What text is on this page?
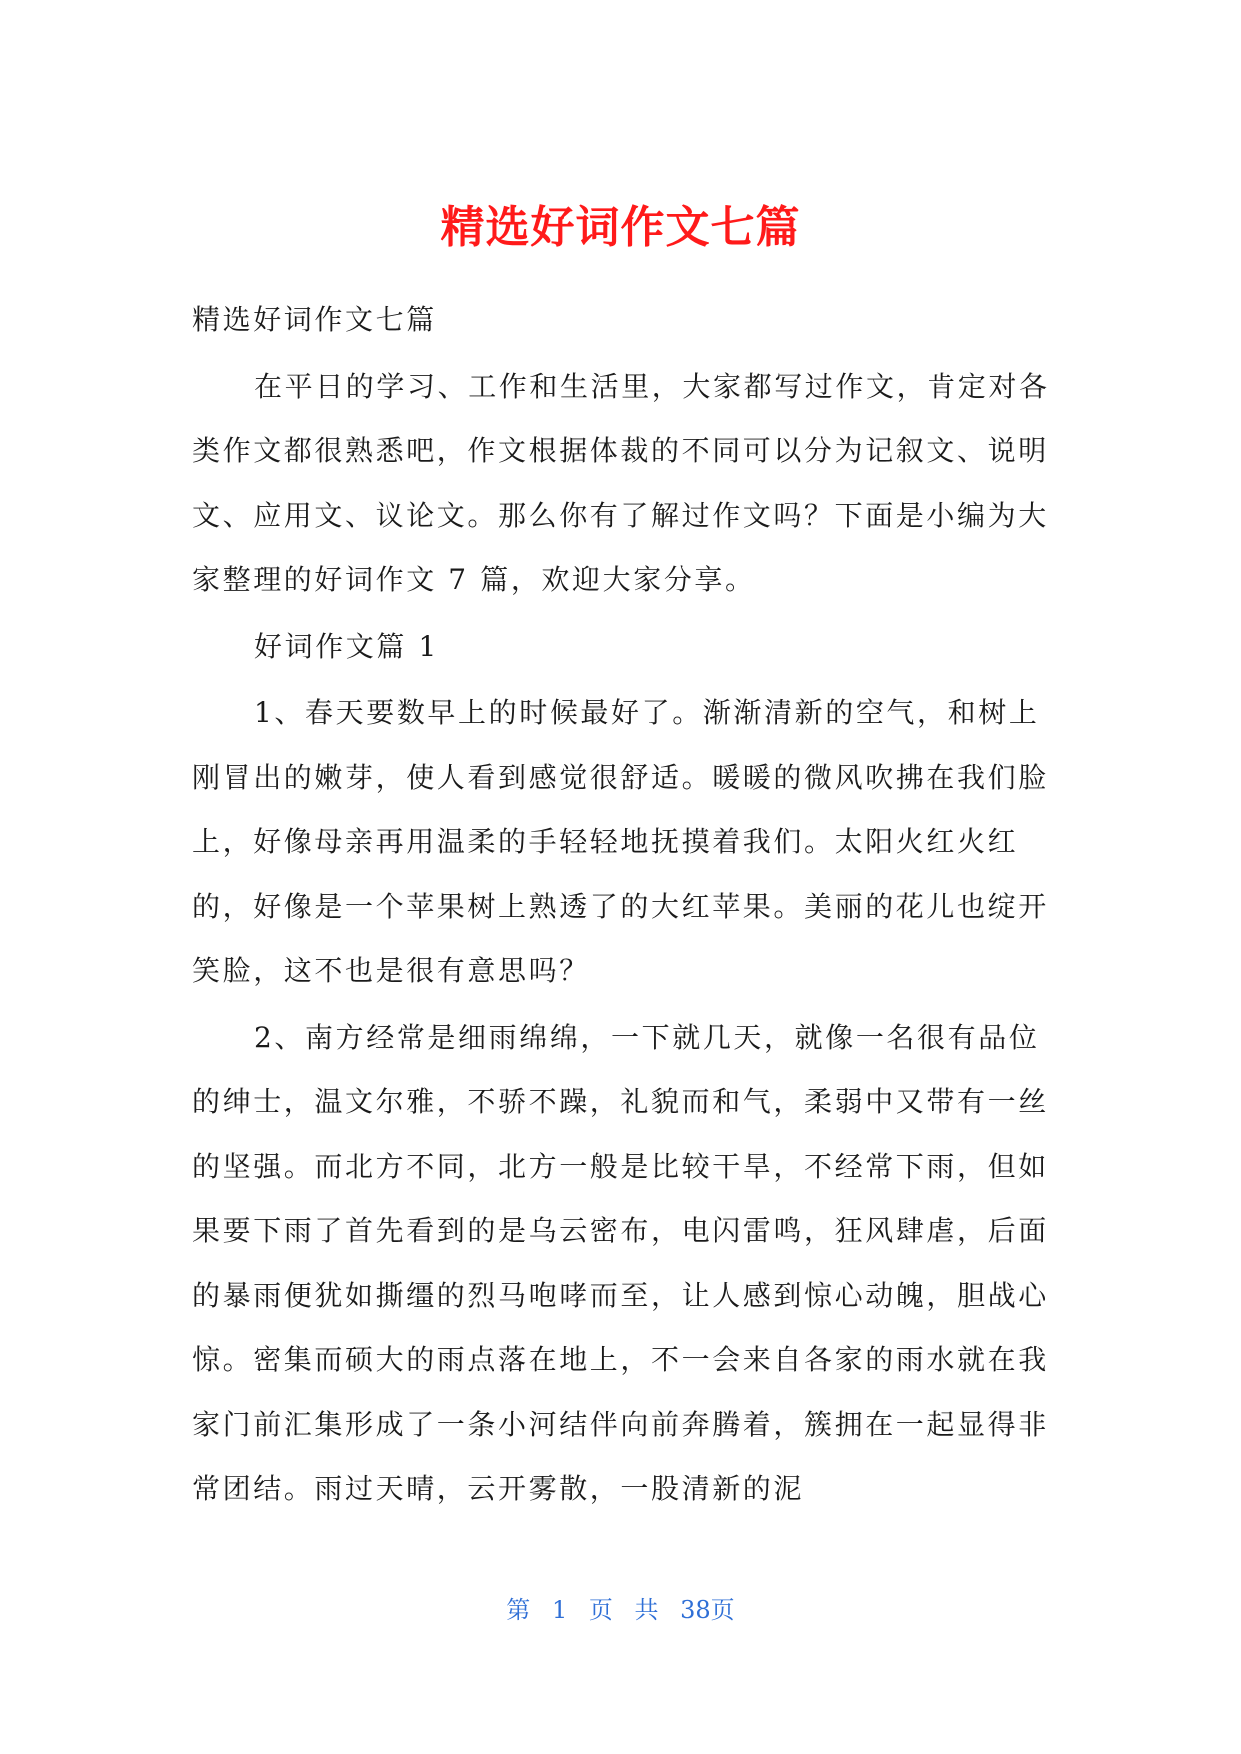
精选好词作文七篇

精选好词作文七篇

在平日的学习、工作和生活里，大家都写过作文，肯定对各类作文都很熟悉吧，作文根据体裁的不同可以分为记叙文、说明文、应用文、议论文。那么你有了解过作文吗？下面是小编为大家整理的好词作文 7 篇，欢迎大家分享。

好词作文篇 1

1、春天要数早上的时候最好了。渐渐清新的空气，和树上刚冒出的嫩芽，使人看到感觉很舒适。暖暖的微风吹拂在我们脸上，好像母亲再用温柔的手轻轻地抚摸着我们。太阳火红火红的，好像是一个苹果树上熟透了的大红苹果。美丽的花儿也绽开笑脸，这不也是很有意思吗？

2、南方经常是细雨绵绵，一下就几天，就像一名很有品位的绅士，温文尔雅，不骄不躁，礼貌而和气，柔弱中又带有一丝的坚强。而北方不同，北方一般是比较干旱，不经常下雨，但如果要下雨了首先看到的是乌云密布，电闪雷鸣，狂风肆虐，后面的暴雨便犹如撕缰的烈马咆哮而至，让人感到惊心动魄，胆战心惊。密集而硕大的雨点落在地上，不一会来自各家的雨水就在我家门前汇集形成了一条小河结伴向前奔腾着，簇拥在一起显得非常团结。雨过天晴，云开雾散，一股清新的泥

第 1 页 共 38页
